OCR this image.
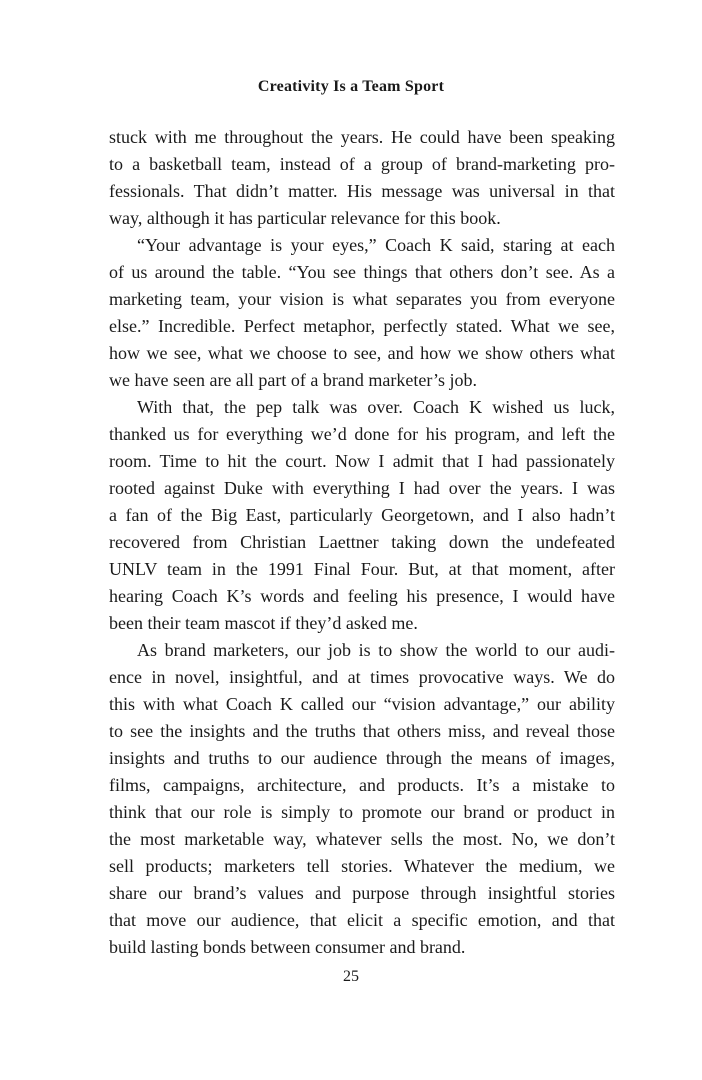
Creativity Is a Team Sport
stuck with me throughout the years. He could have been speaking
to a basketball team, instead of a group of brand-marketing pro-
fessionals. That didn’t matter. His message was universal in that
way, although it has particular relevance for this book.
“Your advantage is your eyes,” Coach K said, staring at each
of us around the table. “You see things that others don’t see. As a
marketing team, your vision is what separates you from everyone
else.” Incredible. Perfect metaphor, perfectly stated. What we see,
how we see, what we choose to see, and how we show others what
we have seen are all part of a brand marketer’s job.
With that, the pep talk was over. Coach K wished us luck,
thanked us for everything we’d done for his program, and left the
room. Time to hit the court. Now I admit that I had passionately
rooted against Duke with everything I had over the years. I was
a fan of the Big East, particularly Georgetown, and I also hadn’t
recovered from Christian Laettner taking down the undefeated
UNLV team in the 1991 Final Four. But, at that moment, after
hearing Coach K’s words and feeling his presence, I would have
been their team mascot if they’d asked me.
As brand marketers, our job is to show the world to our audi-
ence in novel, insightful, and at times provocative ways. We do
this with what Coach K called our “vision advantage,” our ability
to see the insights and the truths that others miss, and reveal those
insights and truths to our audience through the means of images,
films, campaigns, architecture, and products. It’s a mistake to
think that our role is simply to promote our brand or product in
the most marketable way, whatever sells the most. No, we don’t
sell products; marketers tell stories. Whatever the medium, we
share our brand’s values and purpose through insightful stories
that move our audience, that elicit a specific emotion, and that
build lasting bonds between consumer and brand.
25
